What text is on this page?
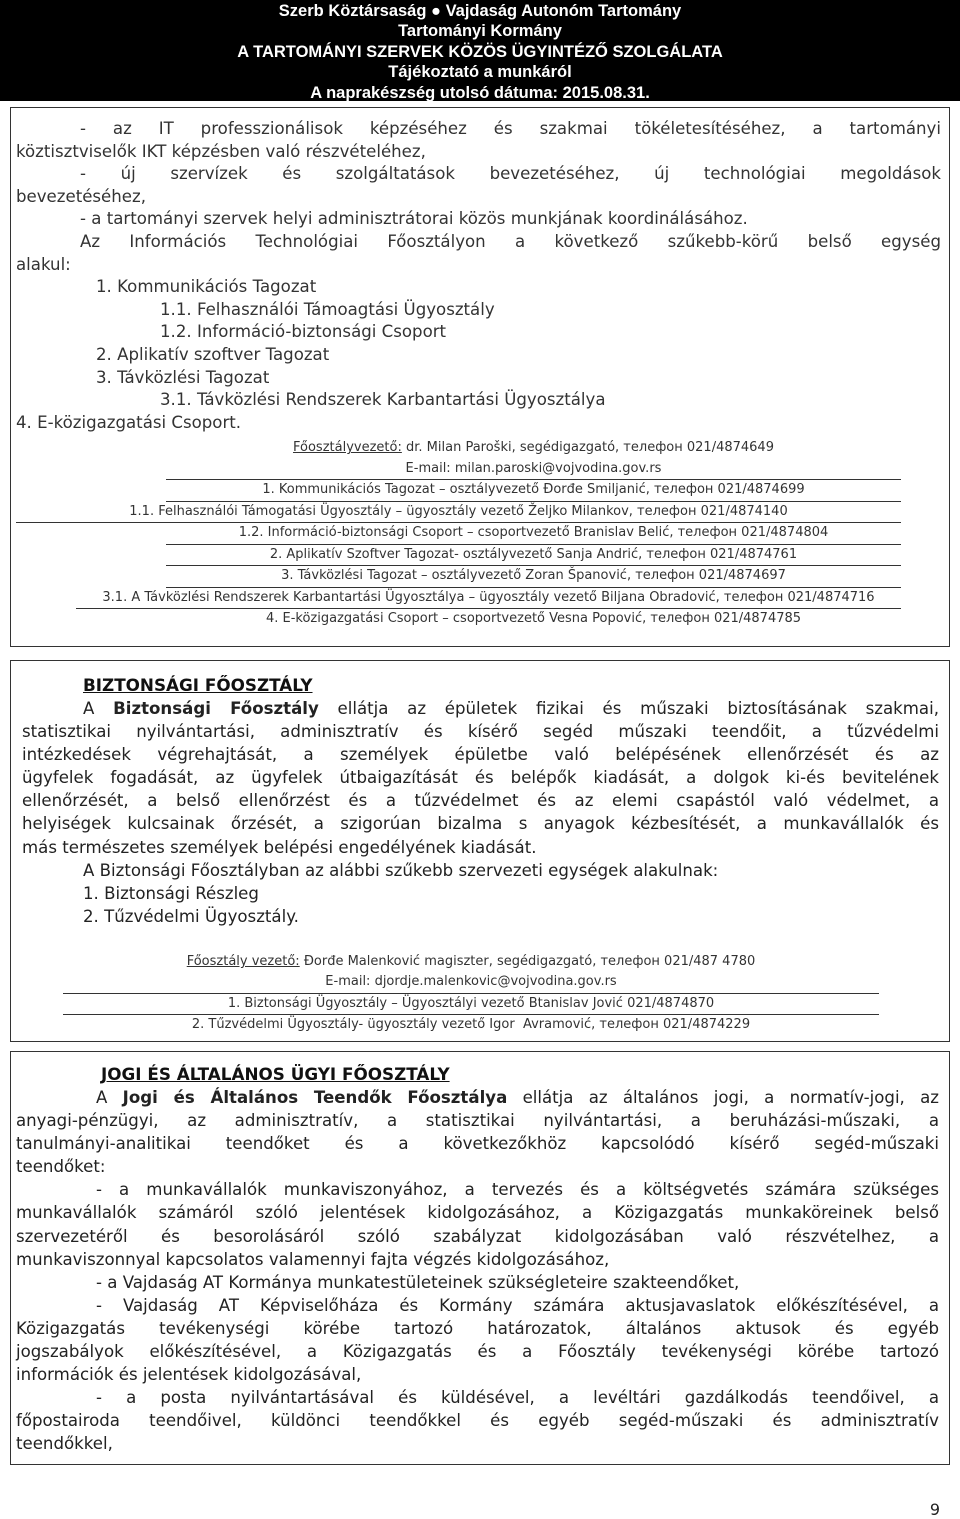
Szerb Köztársaság ● Vajdaság Autonóm Tartomány
Tartományi Kormány
A TARTOMÁNYI SZERVEK KÖZÖS ÜGYINTÉZŐ SZOLGÁLATA
Tájékoztató a munkáról
A naprakészség utolsó dátuma: 2015.08.31.

- az IT professzionálisok képzéséhez és szakmai tökéletesítéséhez, a tartományi

köztisztviselők IKT képzésben való részvételéhez,

- új szervízek és szolgáltatások bevezetéséhez, új technológiai megoldások

bevezetéséhez,

- a tartományi szervek helyi adminisztrátorai közös munkjának koordinálásához.

Az Információs Technológiai Főosztályon a következő szűkebb-körű belső egység

alakul:

1. Kommunikációs Tagozat

1.1. Felhasználói Támoagtási Ügyosztály

1.2. Információ-biztonsági Csoport

2. Aplikatív szoftver Tagozat

3. Távközlési Tagozat

3.1. Távközlési Rendszerek Karbantartási Ügyosztálya

4. E-közigazgatási Csoport.

Főosztályvezető: dr. Milan Paroški, segédigazgató, телефон 021/4874649
E-mail: milan.paroski@vojvodina.gov.rs
1. Kommunikációs Tagozat – osztályvezető Đorđe Smiljanić, телефон 021/4874699
1.1. Felhasználói Támogatási Ügyosztály – ügyosztály vezető Željko Milankov, телефон 021/4874140
1.2. Információ-biztonsági Csoport – csoportvezető Branislav Belić, телефон 021/4874804
2. Aplikatív Szoftver Tagozat- osztályvezető Sanja Andrić, телефон 021/4874761
3. Távközlési Tagozat – osztályvezető Zoran Španović, телефон 021/4874697
3.1. A Távközlési Rendszerek Karbantartási Ügyosztálya – ügyosztály vezető Biljana Obradović, телефон 021/4874716
4. E-közigazgatási Csoport – csoportvezető Vesna Popović, телефон 021/4874785
BIZTONSÁGI FŐOSZTÁLY

A Biztonsági Főosztály ellátja az épületek fizikai és műszaki biztosításának szakmai,

statisztikai nyilvántartási, adminisztratív és kísérő segéd műszaki teendőit, a tűzvédelmi

intézkedések végrehajtását, a személyek épületbe való belépésének ellenőrzését és az

ügyfelek fogadását, az ügyfelek útbaigazítását és belépők kiadását, a dolgok ki-és bevitelének

ellenőrzését, a belső ellenőrzést és a tűzvédelmet és az elemi csapástól való védelmet, a

helyiségek kulcsainak őrzését, a szigorúan bizalma s anyagok kézbesítését, a munkavállalók és

más természetes személyek belépési engedélyének kiadását.

A Biztonsági Főosztályban az alábbi szűkebb szervezeti egységek alakulnak:

1. Biztonsági Részleg

2. Tűzvédelmi Ügyosztály.

Főosztály vezető: Đorđe Malenković magiszter, segédigazgató, телефон 021/487 4780
E-mail: djordje.malenkovic@vojvodina.gov.rs
1. Biztonsági Ügyosztály – Ügyosztályi vezető Btanislav Jović 021/4874870
2. Tűzvédelmi Ügyosztály- ügyosztály vezető Igor  Avramović, телефон 021/4874229
JOGI ÉS ÁLTALÁNOS ÜGYI FŐOSZTÁLY

A Jogi és Általános Teendők Főosztálya ellátja az általános jogi, a normatív-jogi, az

anyagi-pénzügyi, az adminisztratív, a statisztikai nyilvántartási, a beruházási-műszaki, a

tanulmányi-analitikai teendőket és a következőkhöz kapcsolódó kísérő segéd-műszaki

teendőket:

- a munkavállalók munkaviszonyához, a tervezés és a költségvetés számára szükséges

munkavállalók számáról szóló jelentések kidolgozásához, a Közigazgatás munkaköreinek belső

szervezetéről és besorolásáról szóló szabályzat kidolgozásában való részvételhez, a

munkaviszonnyal kapcsolatos valamennyi fajta végzés kidolgozásához,

- a Vajdaság AT Kormánya munkatestületeinek szükségleteire szakteendőket,

- Vajdaság AT Képviselőháza és Kormány számára aktusjavaslatok előkészítésével, a

Közigazgatás tevékenységi körébe tartozó határozatok, általános aktusok és egyéb

jogszabályok előkészítésével, a Közigazgatás és a Főosztály tevékenységi körébe tartozó

információk és jelentések kidolgozásával,

- a posta nyilvántartásával és küldésével, a levéltári gazdálkodás teendőivel, a

főpostairoda teendőivel, küldönci teendőkkel és egyéb segéd-műszaki és adminisztratív

teendőkkel,

9
